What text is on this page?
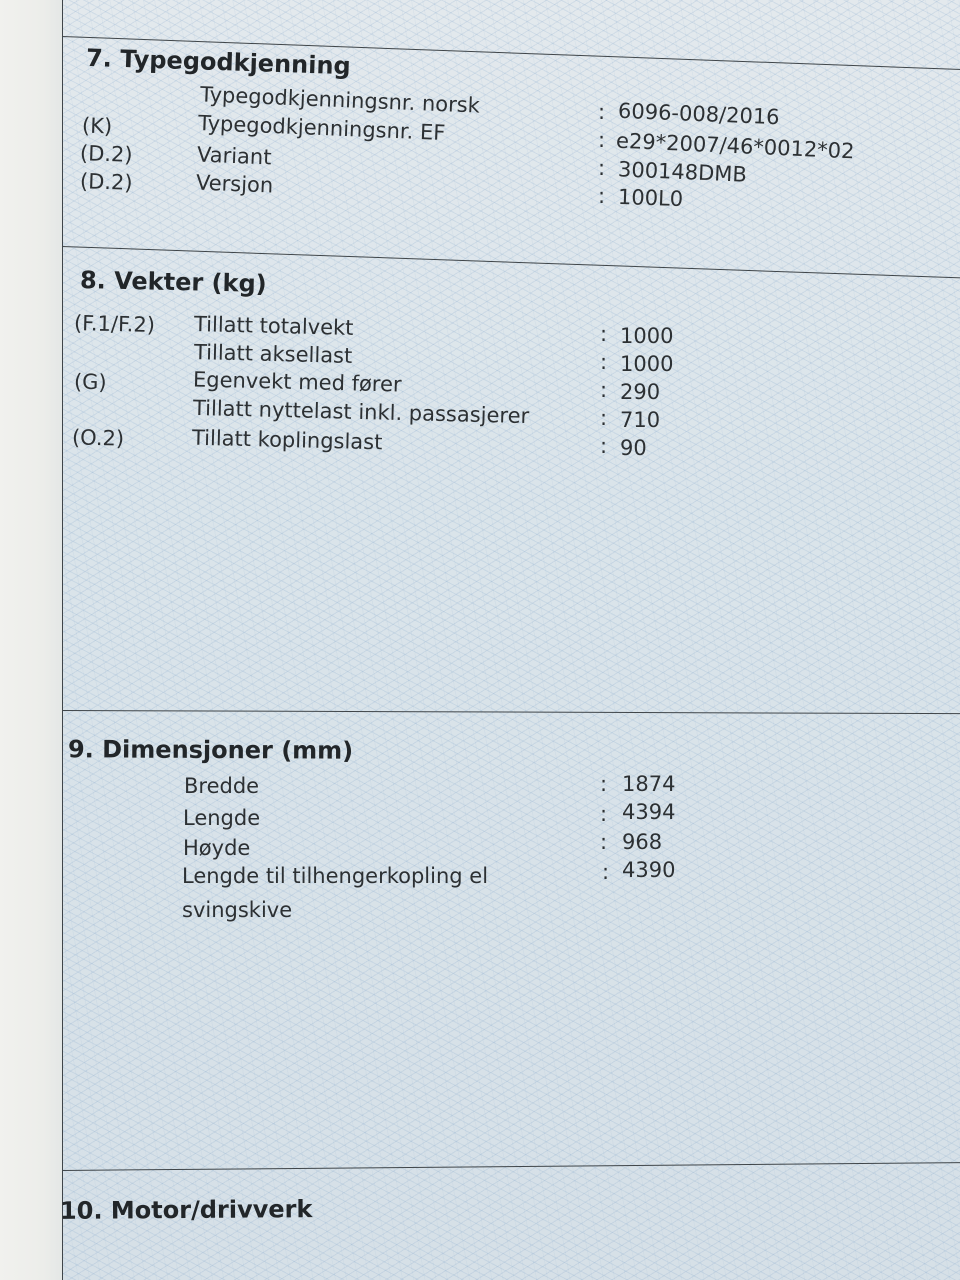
7. Typegodkjenning
Typegodkjenningsnr. norsk	: 6096-008/2016
(K)	Typegodkjenningsnr. EF	: e29*2007/46*0012*02
(D.2)	Variant	: 300148DMB
(D.2)	Versjon	: 100L0
8. Vekter (kg)
(F.1/F.2) Tillatt totalvekt	: 1000
Tillatt aksellast	: 1000
(G)	Egenvekt med fører	: 290
Tillatt nyttelast inkl. passasjerer	: 710
(O.2)	Tillatt koplingslast	: 90
9. Dimensjoner (mm)
Bredde	: 1874
Lengde	: 4394
Høyde	: 968
Lengde til tilhengerkopling el
svingskive
: 4390
10. Motor/drivverk
